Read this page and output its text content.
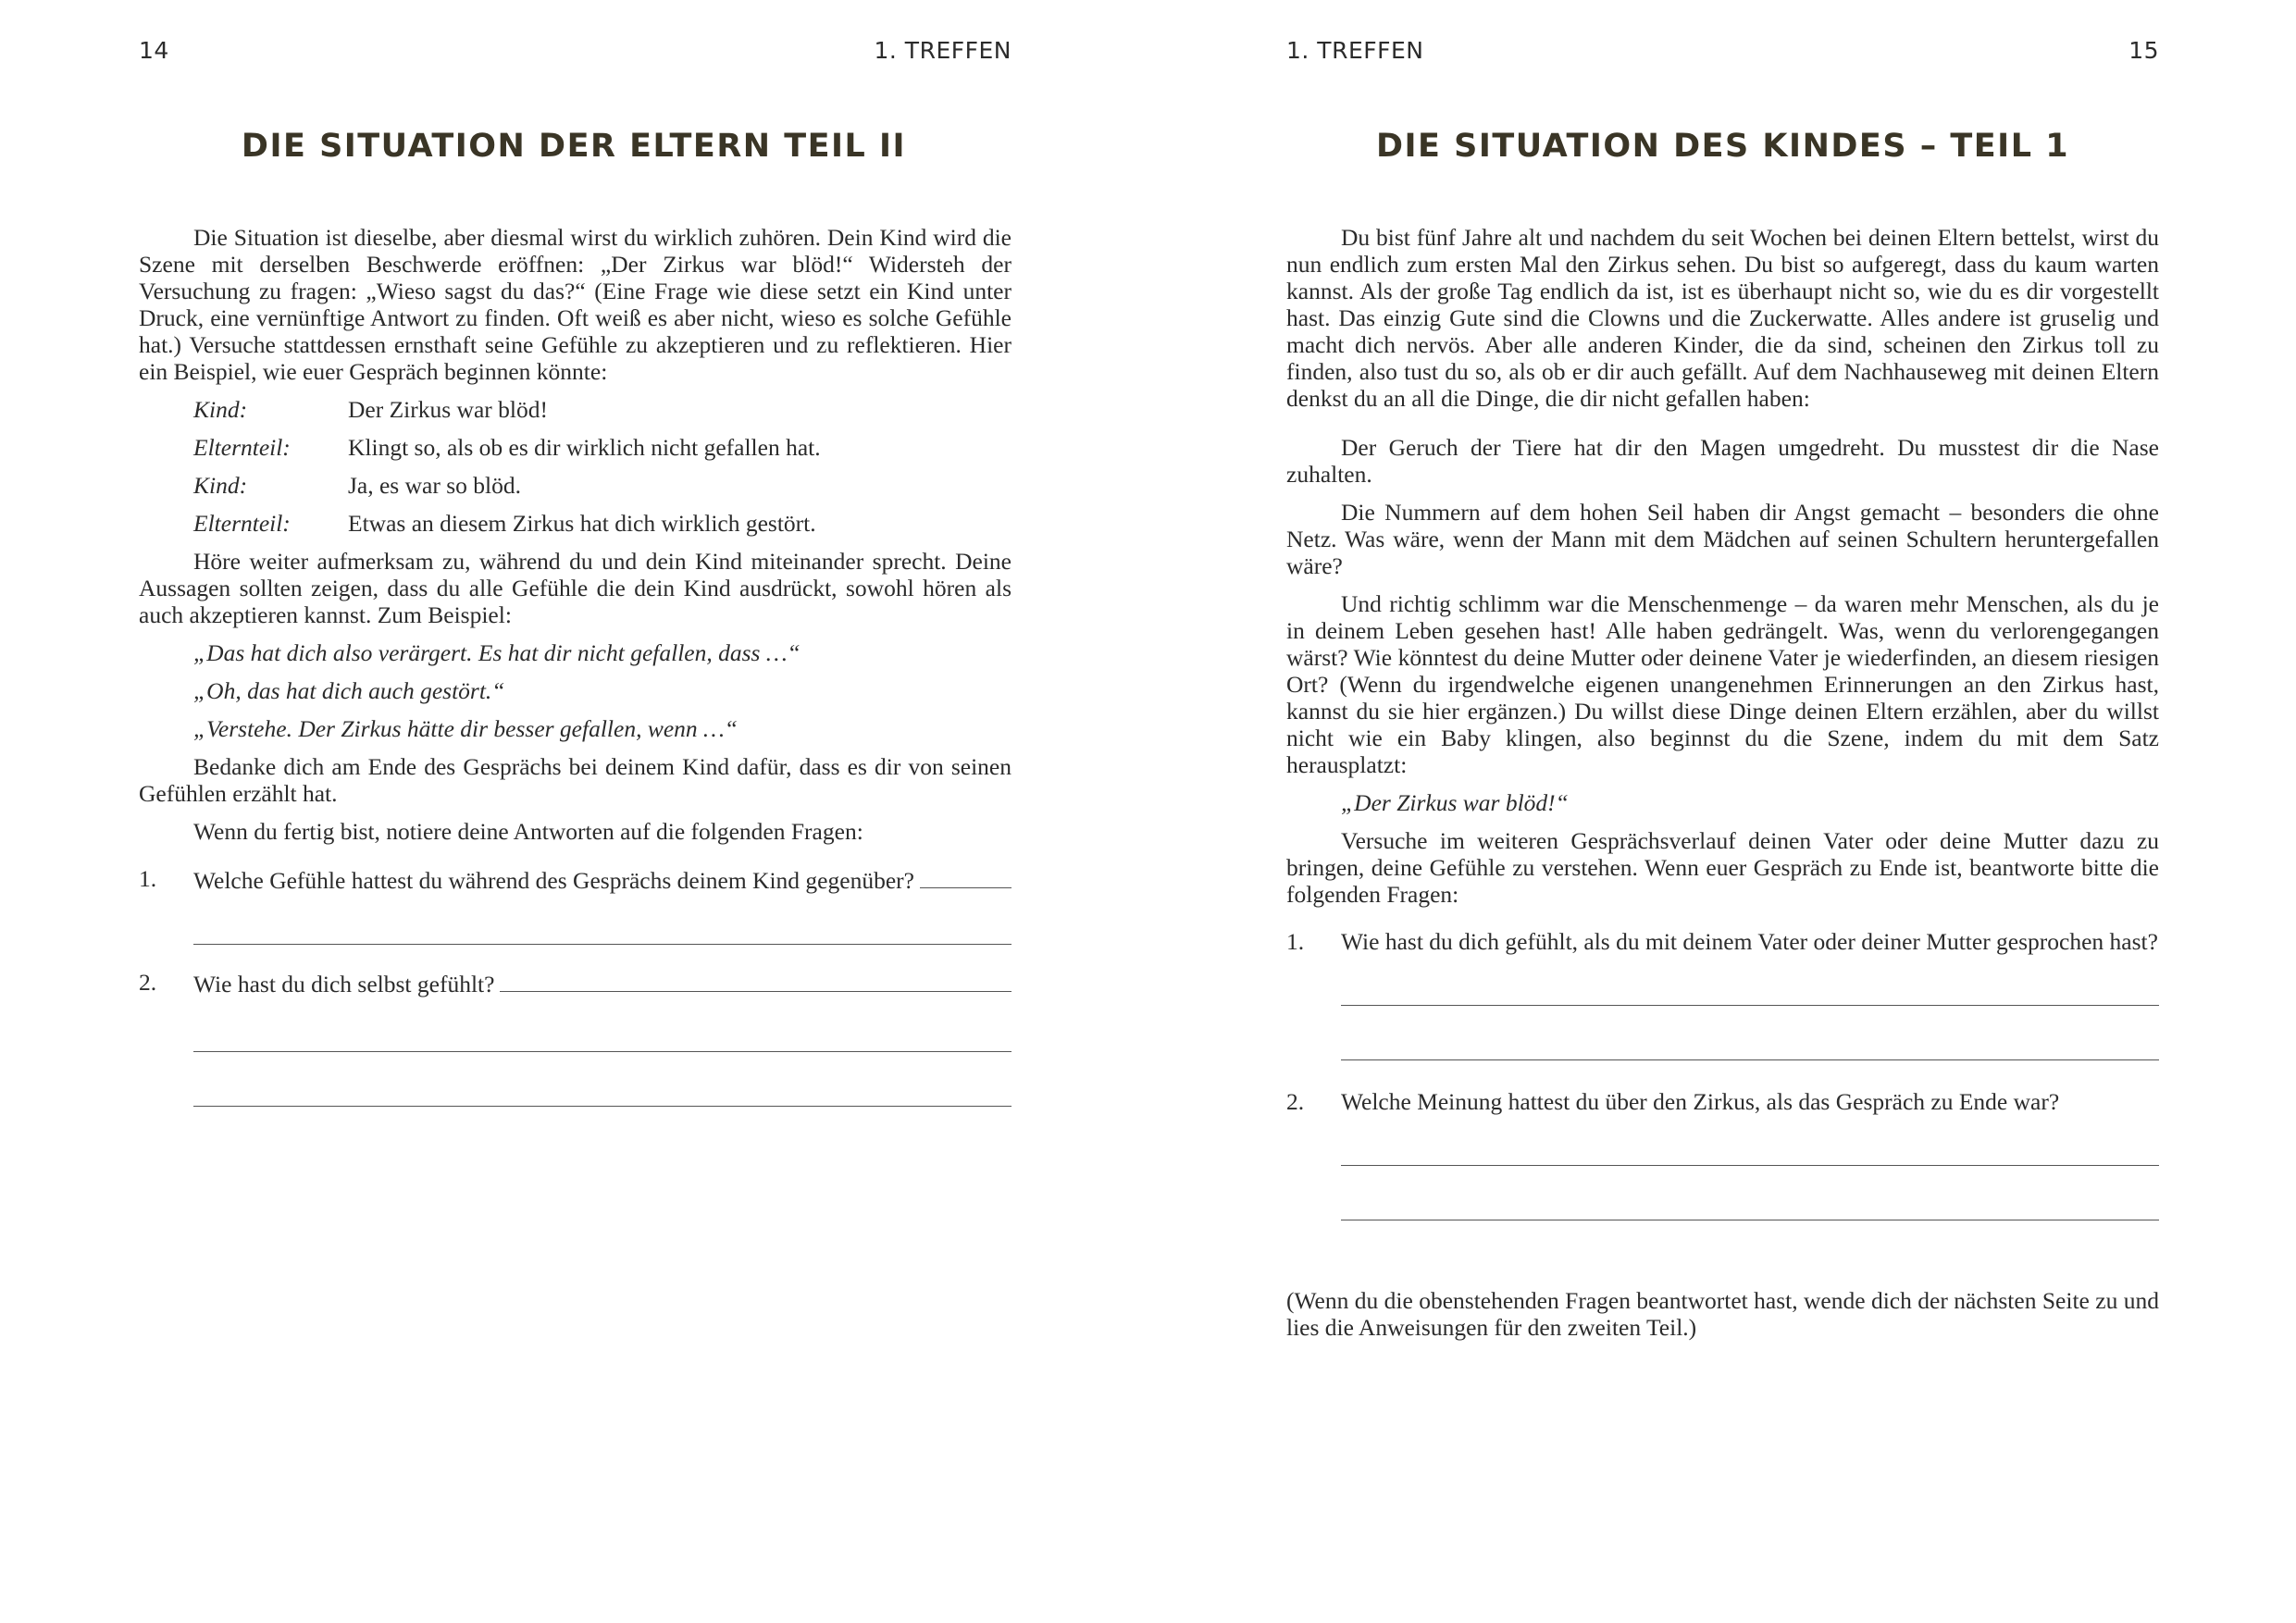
14	1. TREFFEN
DIE SITUATION DER ELTERN TEIL II

Die Situation ist dieselbe, aber diesmal wirst du wirklich zuhören. Dein Kind wird die Szene mit derselben Beschwerde eröffnen: „Der Zirkus war blöd!“ Widersteh der Versuchung zu fragen: „Wieso sagst du das?“ (Eine Frage wie diese setzt ein Kind unter Druck, eine vernünftige Antwort zu finden. Oft weiß es aber nicht, wieso es solche Gefühle hat.) Versuche stattdessen ernsthaft seine Gefühle zu akzeptieren und zu reflektieren. Hier ein Beispiel, wie euer Gespräch beginnen könnte:

Kind:	Der Zirkus war blöd!
Elternteil:	Klingt so, als ob es dir wirklich nicht gefallen hat.
Kind:	Ja, es war so blöd.
Elternteil:	Etwas an diesem Zirkus hat dich wirklich gestört.

Höre weiter aufmerksam zu, während du und dein Kind miteinander sprecht. Deine Aussagen sollten zeigen, dass du alle Gefühle die dein Kind ausdrückt, sowohl hören als auch akzeptieren kannst. Zum Beispiel:

„Das hat dich also verärgert. Es hat dir nicht gefallen, dass …“
„Oh, das hat dich auch gestört.“
„Verstehe. Der Zirkus hätte dir besser gefallen, wenn …“

Bedanke dich am Ende des Gesprächs bei deinem Kind dafür, dass es dir von seinen Gefühlen erzählt hat.

Wenn du fertig bist, notiere deine Antworten auf die folgenden Fragen:

1.	Welche Gefühle hattest du während des Gesprächs deinem Kind gegenüber?
2.	Wie hast du dich selbst gefühlt?
1. TREFFEN	15
DIE SITUATION DES KINDES – TEIL 1

Du bist fünf Jahre alt und nachdem du seit Wochen bei deinen Eltern bettelst, wirst du nun endlich zum ersten Mal den Zirkus sehen. Du bist so aufgeregt, dass du kaum warten kannst. Als der große Tag endlich da ist, ist es überhaupt nicht so, wie du es dir vorgestellt hast. Das einzig Gute sind die Clowns und die Zuckerwatte. Alles andere ist gruselig und macht dich nervös. Aber alle anderen Kinder, die da sind, scheinen den Zirkus toll zu finden, also tust du so, als ob er dir auch gefällt. Auf dem Nachhauseweg mit deinen Eltern denkst du an all die Dinge, die dir nicht gefallen haben:

Der Geruch der Tiere hat dir den Magen umgedreht. Du musstest dir die Nase zuhalten.

Die Nummern auf dem hohen Seil haben dir Angst gemacht – besonders die ohne Netz. Was wäre, wenn der Mann mit dem Mädchen auf seinen Schultern heruntergefallen wäre?

Und richtig schlimm war die Menschenmenge – da waren mehr Menschen, als du je in deinem Leben gesehen hast! Alle haben gedrängelt. Was, wenn du verlorengegangen wärst? Wie könntest du deine Mutter oder deinene Vater je wiederfinden, an diesem riesigen Ort? (Wenn du irgendwelche eigenen unangenehmen Erinnerungen an den Zirkus hast, kannst du sie hier ergänzen.) Du willst diese Dinge deinen Eltern erzählen, aber du willst nicht wie ein Baby klingen, also beginnst du die Szene, indem du mit dem Satz herausplatzt:

„Der Zirkus war blöd!“

Versuche im weiteren Gesprächsverlauf deinen Vater oder deine Mutter dazu zu bringen, deine Gefühle zu verstehen. Wenn euer Gespräch zu Ende ist, beantworte bitte die folgenden Fragen:

1.	Wie hast du dich gefühlt, als du mit deinem Vater oder deiner Mutter gesprochen hast?
2.	Welche Meinung hattest du über den Zirkus, als das Gespräch zu Ende war?

(Wenn du die obenstehenden Fragen beantwortet hast, wende dich der nächsten Seite zu und lies die Anweisungen für den zweiten Teil.)
